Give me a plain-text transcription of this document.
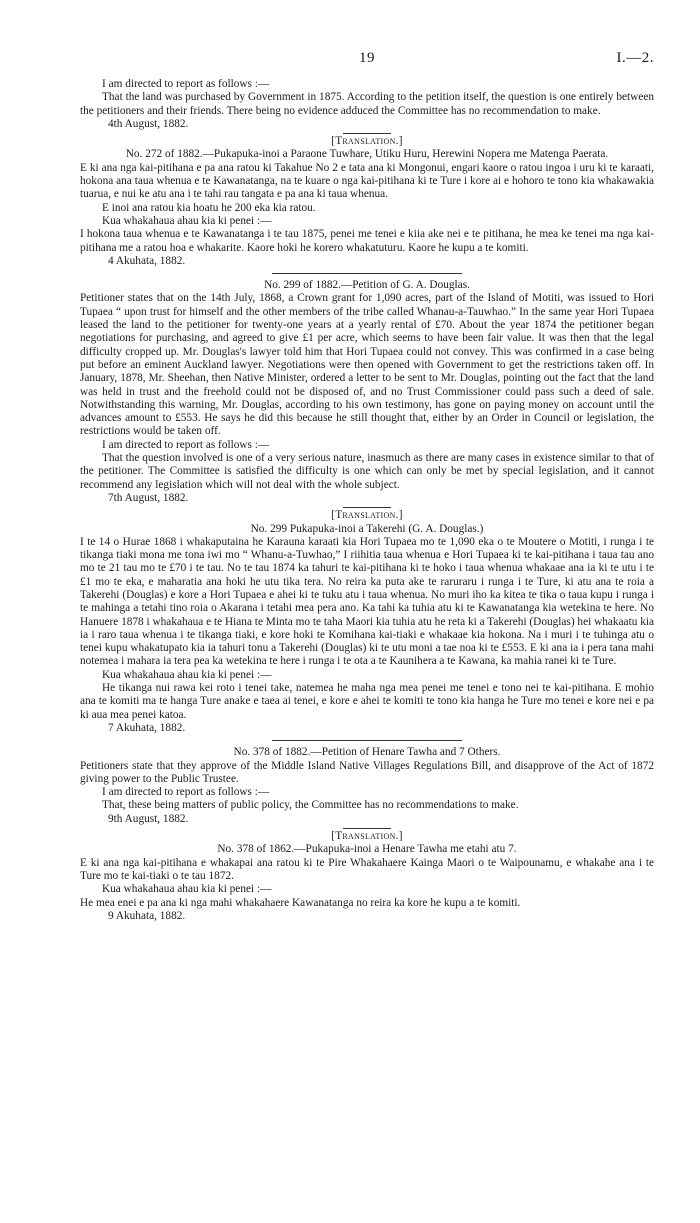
19	I.—2.

I am directed to report as follows :—

That the land was purchased by Government in 1875. According to the petition itself, the question is one entirely between the petitioners and their friends. There being no evidence adduced the Committee has no recommendation to make.

4th August, 1882.

[Translation.]

No. 272 of 1882.—Pukapuka-inoi a Paraone Tuwhare, Utiku Huru, Herewini Nopera me Matenga Paerata.

E ki ana nga kai-pitihana e pa ana ratou ki Takahue No 2 e tata ana ki Mongonui, engari kaore o ratou ingoa i uru ki te karaati, hokona ana taua whenua e te Kawanatanga, na te kuare o nga kai-pitihana ki te Ture i kore ai e hohoro te tono kia whakawakia tuarua, e nui ke atu ana i te tahi rau tangata e pa ana ki taua whenua.

E inoi ana ratou kia hoatu he 200 eka kia ratou.

Kua whakahaua ahau kia ki penei :—

I hokona taua whenua e te Kawanatanga i te tau 1875, penei me tenei e kiia ake nei e te pitihana, he mea ke tenei ma nga kai-pitihana me a ratou hoa e whakarite. Kaore hoki he korero whakatuturu. Kaore he kupu a te komiti.

4 Akuhata, 1882.

No. 299 of 1882.—Petition of G. A. Douglas.

Petitioner states that on the 14th July, 1868, a Crown grant for 1,090 acres, part of the Island of Motiti, was issued to Hori Tupaea “ upon trust for himself and the other members of the tribe called Whanau-a-Tauwhao.” In the same year Hori Tupaea leased the land to the petitioner for twenty-one years at a yearly rental of £70. About the year 1874 the petitioner began negotiations for purchasing, and agreed to give £1 per acre, which seems to have been fair value. It was then that the legal difficulty cropped up. Mr. Douglas's lawyer told him that Hori Tupaea could not convey. This was confirmed in a case being put before an eminent Auckland lawyer. Negotiations were then opened with Government to get the restrictions taken off. In January, 1878, Mr. Sheehan, then Native Minister, ordered a letter to be sent to Mr. Douglas, pointing out the fact that the land was held in trust and the freehold could not be disposed of, and no Trust Commissioner could pass such a deed of sale. Notwithstanding this warning, Mr. Douglas, according to his own testimony, has gone on paying money on account until the advances amount to £553. He says he did this because he still thought that, either by an Order in Council or legislation, the restrictions would be taken off.

I am directed to report as follows :—

That the question involved is one of a very serious nature, inasmuch as there are many cases in existence similar to that of the petitioner. The Committee is satisfied the difficulty is one which can only be met by special legislation, and it cannot recommend any legislation which will not deal with the whole subject.

7th August, 1882.

[Translation.]

No. 299 Pukapuka-inoi a Takerehi (G. A. Douglas.)

I te 14 o Hurae 1868 i whakaputaina he Karauna karaati kia Hori Tupaea mo te 1,090 eka o te Moutere o Motiti, i runga i te tikanga tiaki mona me tona iwi mo “ Whanu-a-Tuwhao,” I riihitia taua whenua e Hori Tupaea ki te kai-pitihana i taua tau ano mo te 21 tau mo te £70 i te tau. No te tau 1874 ka tahuri te kai-pitihana ki te hoko i taua whenua whakaae ana ia ki te utu i te £1 mo te eka, e maharatia ana hoki he utu tika tera. No reira ka puta ake te raruraru i runga i te Ture, ki atu ana te roia a Takerehi (Douglas) e kore a Hori Tupaea e ahei ki te tuku atu i taua whenua. No muri iho ka kitea te tika o taua kupu i runga i te mahinga a tetahi tino roia o Akarana i tetahi mea pera ano. Ka tahi ka tuhia atu ki te Kawanatanga kia wetekina te here. No Hanuere 1878 i whakahaua e te Hiana te Minta mo te taha Maori kia tuhia atu he reta ki a Takerehi (Douglas) hei whakaatu kia ia i raro taua whenua i te tikanga tiaki, e kore hoki te Komihana kai-tiaki e whakaae kia hokona. Na i muri i te tuhinga atu o tenei kupu whakatupato kia ia tahuri tonu a Takerehi (Douglas) ki te utu moni a tae noa ki te £553. E ki ana ia i pera tana mahi notemea i mahara ia tera pea ka wetekina te here i runga i te ota a te Kaunihera a te Kawana, ka mahia ranei ki te Ture.

Kua whakahaua ahau kia ki penei :—

He tikanga nui rawa kei roto i tenei take, natemea he maha nga mea penei me tenei e tono nei te kai-pitihana. E mohio ana te komiti ma te hanga Ture anake e taea ai tenei, e kore e ahei te komiti te tono kia hanga he Ture mo tenei e kore nei e pa ki aua mea penei katoa.

7 Akuhata, 1882.

No. 378 of 1882.—Petition of Henare Tawha and 7 Others.

Petitioners state that they approve of the Middle Island Native Villages Regulations Bill, and disapprove of the Act of 1872 giving power to the Public Trustee.

I am directed to report as follows :—

That, these being matters of public policy, the Committee has no recommendations to make.

9th August, 1882.

[Translation.]

No. 378 of 1862.—Pukapuka-inoi a Henare Tawha me etahi atu 7.

E ki ana nga kai-pitihana e whakapai ana ratou ki te Pire Whakahaere Kainga Maori o te Waipounamu, e whakahe ana i te Ture mo te kai-tiaki o te tau 1872.

Kua whakahaua ahau kia ki penei :—

He mea enei e pa ana ki nga mahi whakahaere Kawanatanga no reira ka kore he kupu a te komiti.

9 Akuhata, 1882.
